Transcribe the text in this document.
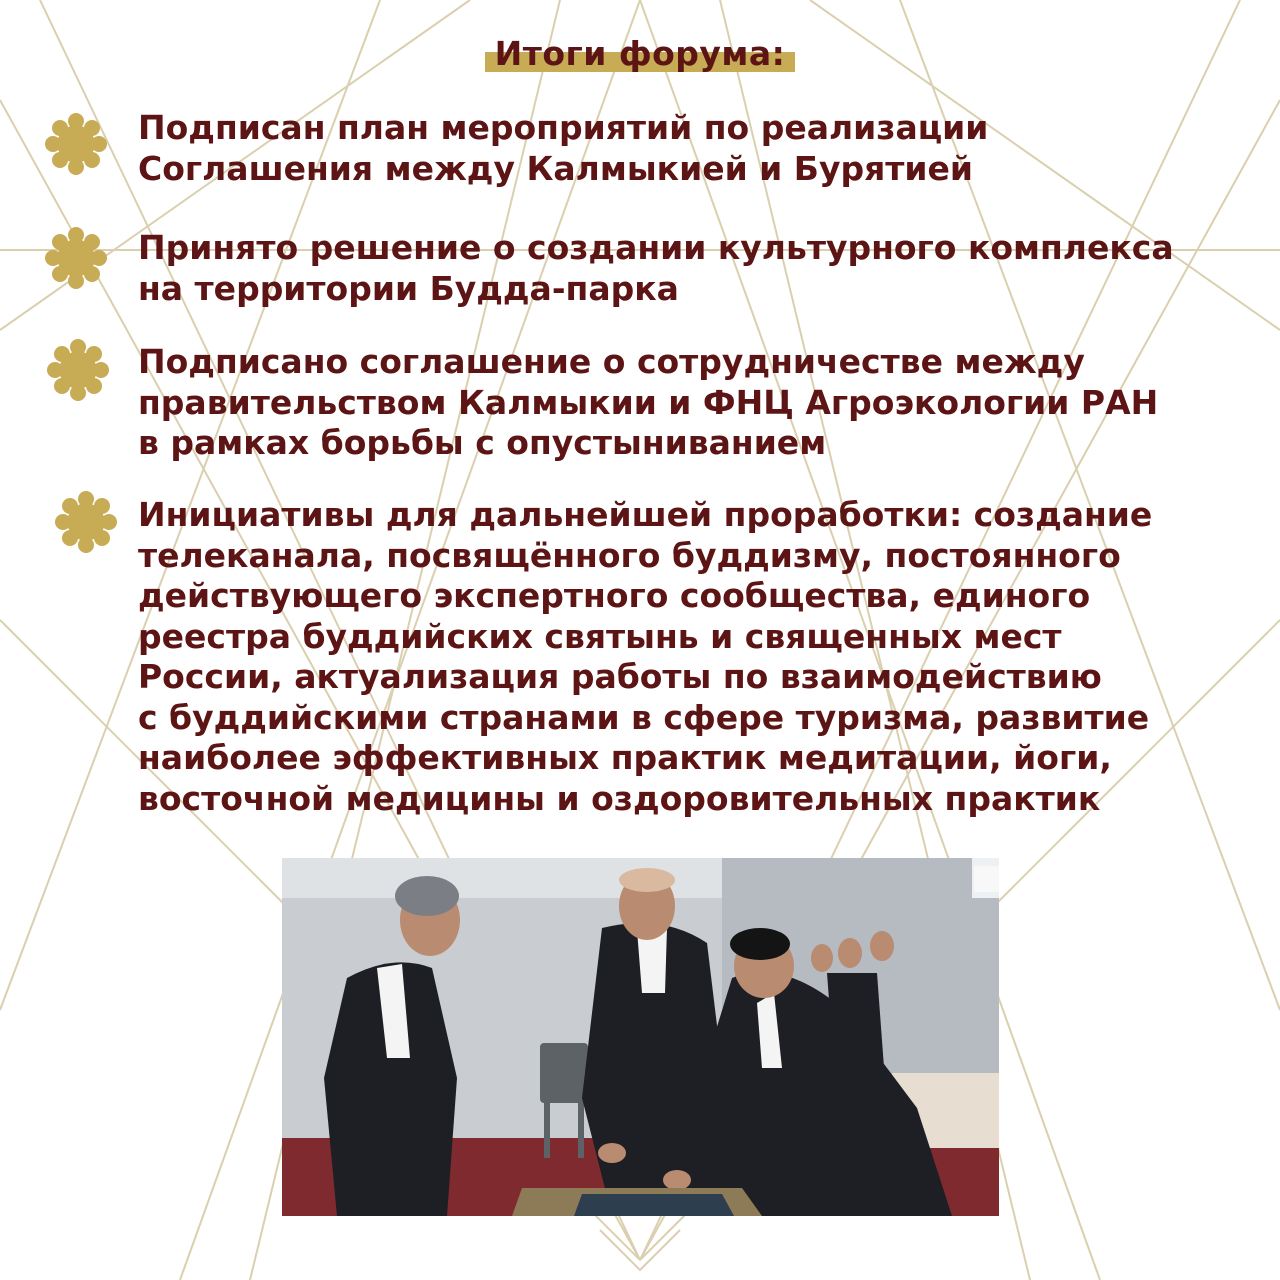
Итоги форума:
Подписан план мероприятий по реализации
Соглашения между Калмыкией и Бурятией
Принято решение о создании культурного комплекса
на территории Будда-парка
Подписано соглашение о сотрудничестве между
правительством Калмыкии и ФНЦ Агроэкологии РАН
в рамках борьбы с опустыниванием
Инициативы для дальнейшей проработки: создание
телеканала, посвящённого буддизму, постоянного
действующего экспертного сообщества, единого
реестра буддийских святынь и священных мест
России, актуализация работы по взаимодействию
с буддийскими странами в сфере туризма, развитие
наиболее эффективных практик медитации, йоги,
восточной медицины и оздоровительных практик
